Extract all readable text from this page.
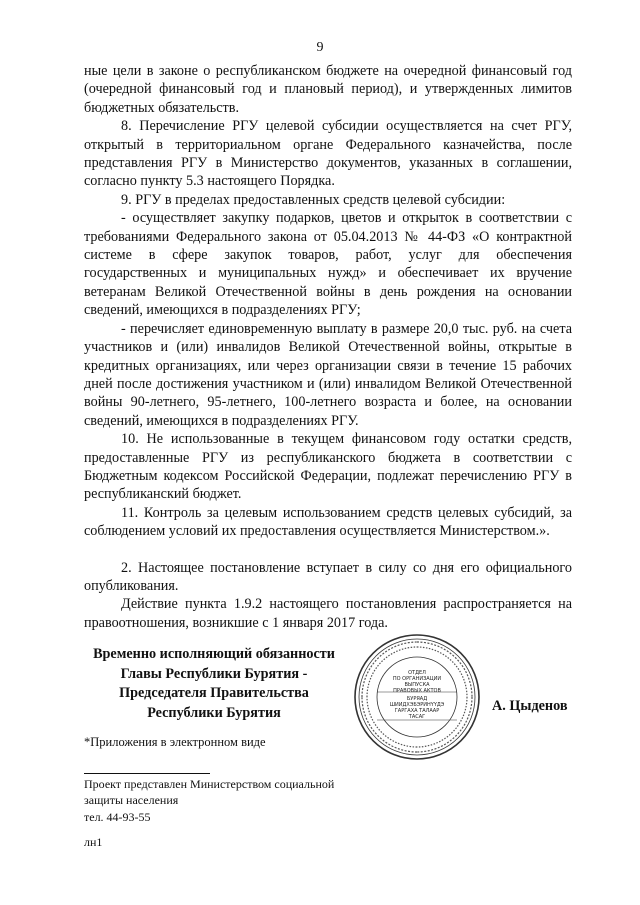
9

ные цели в законе о республиканском бюджете на очередной финансовый год (очередной финансовый год и плановый период), и утвержденных лимитов бюджетных обязательств.

8. Перечисление РГУ целевой субсидии осуществляется на счет РГУ, открытый в территориальном органе Федерального казначейства, после представления РГУ в Министерство документов, указанных в соглашении, согласно пункту 5.3 настоящего Порядка.

9. РГУ в пределах предоставленных средств целевой субсидии:

- осуществляет закупку подарков, цветов и открыток в соответствии с требованиями Федерального закона от 05.04.2013 № 44-ФЗ «О контрактной системе в сфере закупок товаров, работ, услуг для обеспечения государственных и муниципальных нужд» и обеспечивает их вручение ветеранам Великой Отечественной войны в день рождения на основании сведений, имеющихся в подразделениях РГУ;

- перечисляет единовременную выплату в размере 20,0 тыс. руб. на счета участников и (или) инвалидов Великой Отечественной войны, открытые в кредитных организациях, или через организации связи в течение 15 рабочих дней после достижения участником и (или) инвалидом Великой Отечественной войны 90-летнего, 95-летнего, 100-летнего возраста и более, на основании сведений, имеющихся в подразделениях РГУ.

10. Не использованные в текущем финансовом году остатки средств, предоставленные РГУ из республиканского бюджета в соответствии с Бюджетным кодексом Российской Федерации, подлежат перечислению РГУ в республиканский бюджет.

11. Контроль за целевым использованием средств целевых субсидий, за соблюдением условий их предоставления осуществляется Министерством.».

2. Настоящее постановление вступает в силу со дня его официального опубликования.

Действие пункта 1.9.2 настоящего постановления распространяется на правоотношения, возникшие с 1 января 2017 года.

Временно исполняющий обязанности
Главы Республики Бурятия -
Председателя Правительства
Республики Бурятия
ОТДЕЛ
ПО ОРГАНИЗАЦИИ
ВЫПУСКА
ПРАВОВЫХ АКТОВ
БУРЯАД
ШИИДХЭБЭРИНҮҮДЭ
ГАРГАХА ТАЛААР
ТАСАГ
А. Цыденов
*Приложения в электронном виде
Проект представлен Министерством социальной
защиты населения
тел. 44-93-55
лн1
